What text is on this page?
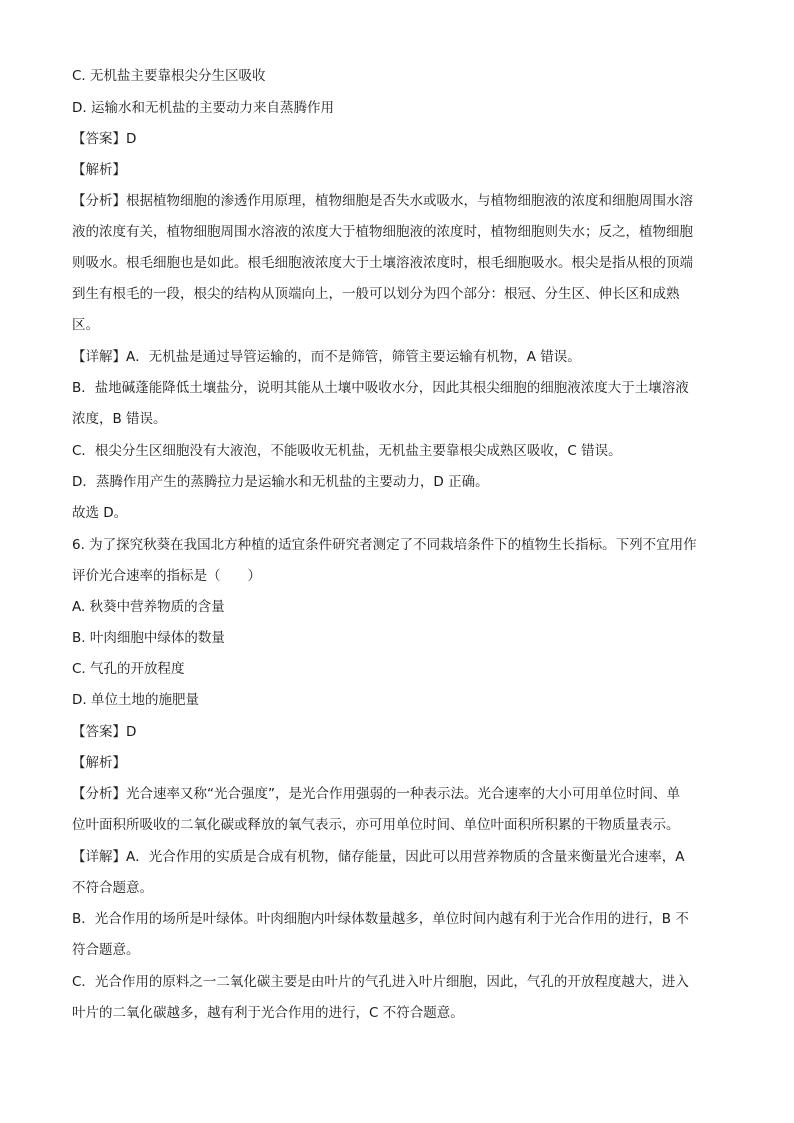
C. 无机盐主要靠根尖分生区吸收
D. 运输水和无机盐的主要动力来自蒸腾作用
【答案】D
【解析】
【分析】根据植物细胞的渗透作用原理，植物细胞是否失水或吸水，与植物细胞液的浓度和细胞周围水溶
液的浓度有关，植物细胞周围水溶液的浓度大于植物细胞液的浓度时，植物细胞则失水；反之，植物细胞
则吸水。根毛细胞也是如此。根毛细胞液浓度大于土壤溶液浓度时，根毛细胞吸水。根尖是指从根的顶端
到生有根毛的一段，根尖的结构从顶端向上，一般可以划分为四个部分：根冠、分生区、伸长区和成熟
区。
【详解】A．无机盐是通过导管运输的，而不是筛管，筛管主要运输有机物，A 错误。
B．盐地碱蓬能降低土壤盐分，说明其能从土壤中吸收水分，因此其根尖细胞的细胞液浓度大于土壤溶液
浓度，B 错误。
C．根尖分生区细胞没有大液泡，不能吸收无机盐，无机盐主要靠根尖成熟区吸收，C 错误。
D．蒸腾作用产生的蒸腾拉力是运输水和无机盐的主要动力，D 正确。
故选 D。
6. 为了探究秋葵在我国北方种植的适宜条件研究者测定了不同栽培条件下的植物生长指标。下列不宜用作
评价光合速率的指标是（　　）
A. 秋葵中营养物质的含量
B. 叶肉细胞中绿体的数量
C. 气孔的开放程度
D. 单位土地的施肥量
【答案】D
【解析】
【分析】光合速率又称“光合强度”，是光合作用强弱的一种表示法。光合速率的大小可用单位时间、单
位叶面积所吸收的二氧化碳或释放的氧气表示，亦可用单位时间、单位叶面积所积累的干物质量表示。
【详解】A．光合作用的实质是合成有机物，储存能量，因此可以用营养物质的含量来衡量光合速率，A
不符合题意。
B．光合作用的场所是叶绿体。叶肉细胞内叶绿体数量越多，单位时间内越有利于光合作用的进行，B 不
符合题意。
C．光合作用的原料之一二氧化碳主要是由叶片的气孔进入叶片细胞，因此，气孔的开放程度越大，进入
叶片的二氧化碳越多，越有利于光合作用的进行，C 不符合题意。
